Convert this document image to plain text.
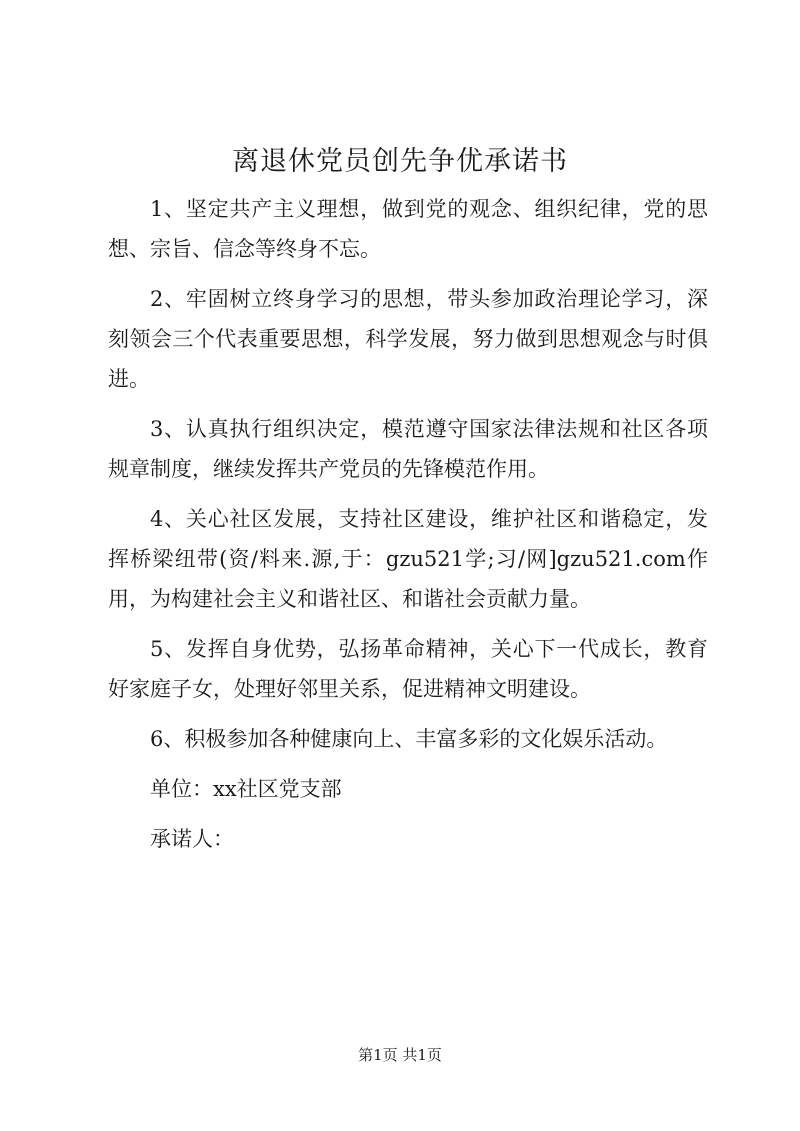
离退休党员创先争优承诺书

1、坚定共产主义理想，做到党的观念、组织纪律，党的思想、宗旨、信念等终身不忘。

2、牢固树立终身学习的思想，带头参加政治理论学习，深刻领会三个代表重要思想，科学发展，努力做到思想观念与时俱进。

3、认真执行组织决定，模范遵守国家法律法规和社区各项规章制度，继续发挥共产党员的先锋模范作用。

4、关心社区发展，支持社区建设，维护社区和谐稳定，发挥桥梁纽带(资/料来.源,于：gzu521学;习/网]gzu521.com作用，为构建社会主义和谐社区、和谐社会贡献力量。

5、发挥自身优势，弘扬革命精神，关心下一代成长，教育好家庭子女，处理好邻里关系，促进精神文明建设。

6、积极参加各种健康向上、丰富多彩的文化娱乐活动。

单位：xx社区党支部

承诺人：

第1页 共1页
